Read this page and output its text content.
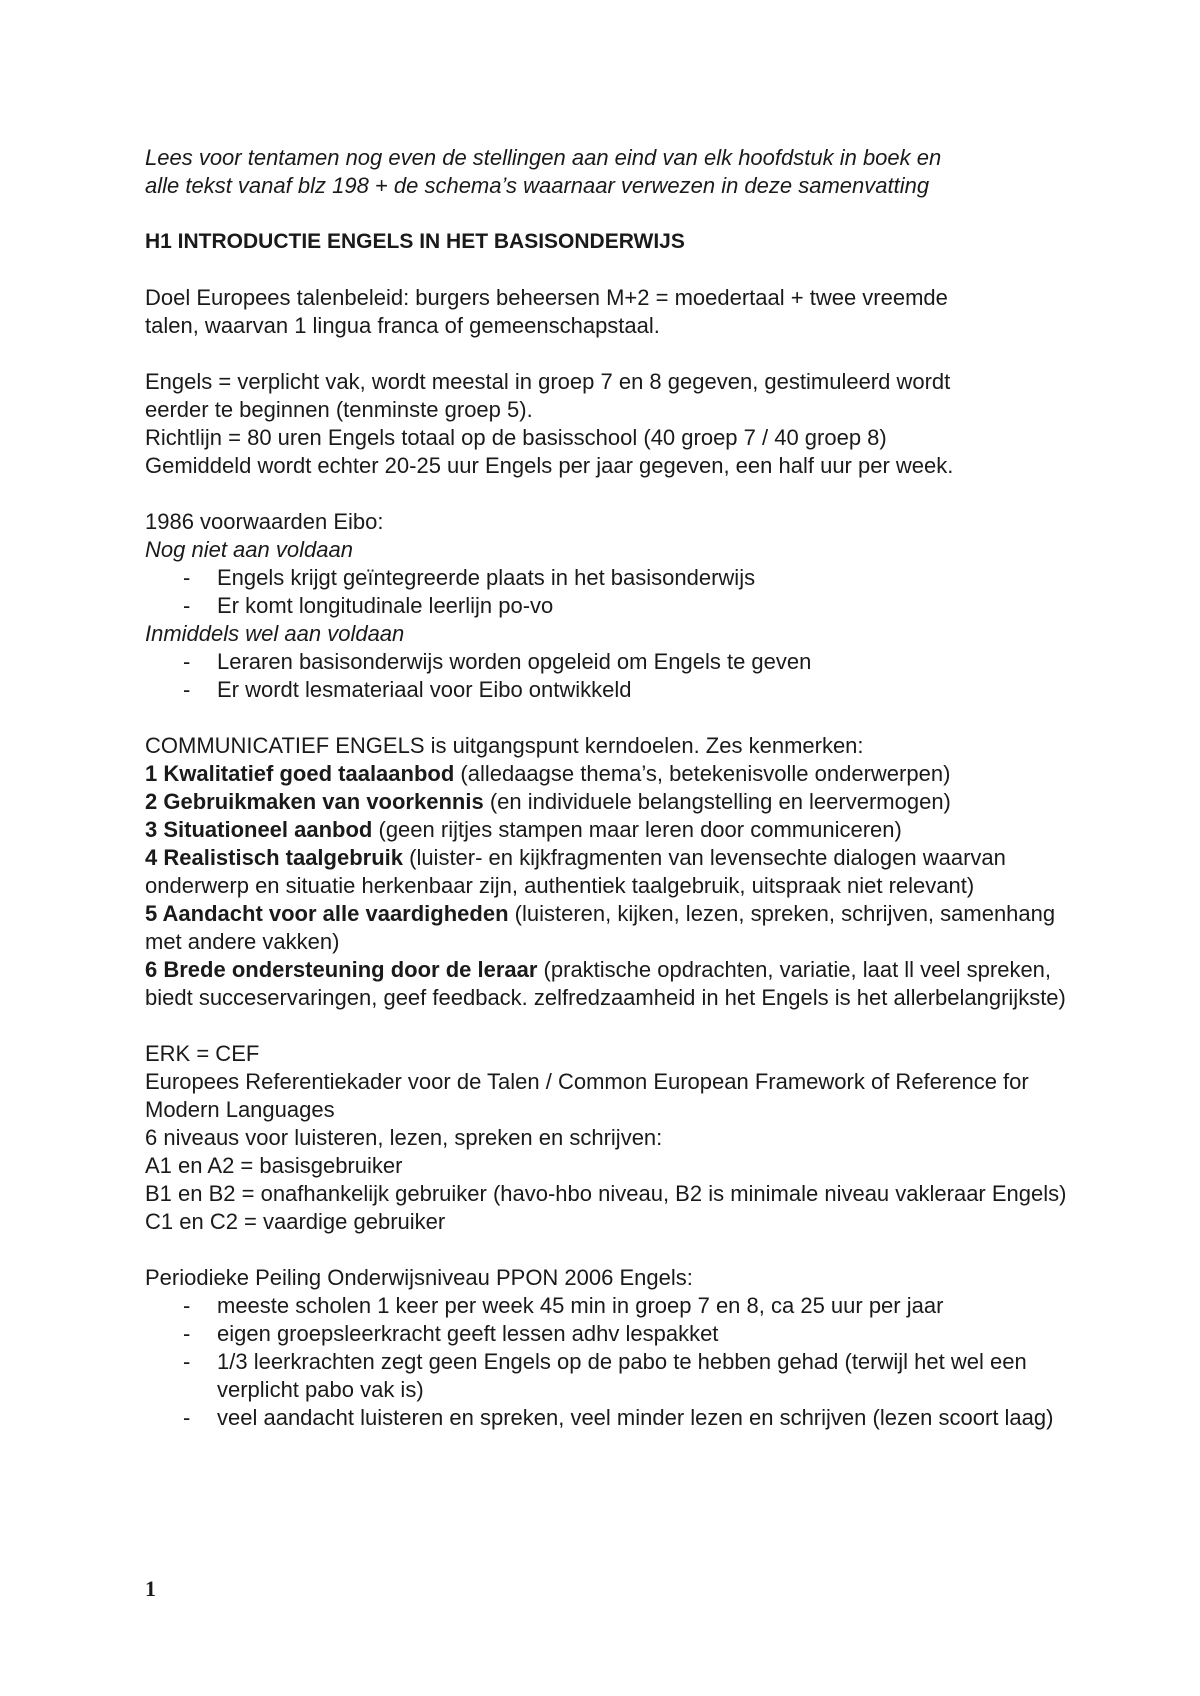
Lees voor tentamen nog even de stellingen aan eind van elk hoofdstuk in boek en

alle tekst vanaf blz 198 + de schema’s waarnaar verwezen in deze samenvatting

H1 INTRODUCTIE ENGELS IN HET BASISONDERWIJS

Doel Europees talenbeleid: burgers beheersen M+2 = moedertaal + twee vreemde

talen, waarvan 1 lingua franca of gemeenschapstaal.

Engels = verplicht vak, wordt meestal in groep 7 en 8 gegeven, gestimuleerd wordt

eerder te beginnen (tenminste groep 5).

Richtlijn = 80 uren Engels totaal op de basisschool (40 groep 7 / 40 groep 8)

Gemiddeld wordt echter 20-25 uur Engels per jaar gegeven, een half uur per week.

1986 voorwaarden Eibo:

Nog niet aan voldaan

- Engels krijgt geïntegreerde plaats in het basisonderwijs
- Er komt longitudinale leerlijn po-vo

Inmiddels wel aan voldaan

- Leraren basisonderwijs worden opgeleid om Engels te geven
- Er wordt lesmateriaal voor Eibo ontwikkeld

COMMUNICATIEF ENGELS is uitgangspunt kerndoelen. Zes kenmerken:

1 Kwalitatief goed taalaanbod (alledaagse thema’s, betekenisvolle onderwerpen)

2 Gebruikmaken van voorkennis (en individuele belangstelling en leervermogen)

3 Situationeel aanbod (geen rijtjes stampen maar leren door communiceren)

4 Realistisch taalgebruik (luister- en kijkfragmenten van levensechte dialogen waarvan onderwerp en situatie herkenbaar zijn, authentiek taalgebruik, uitspraak niet relevant)

5 Aandacht voor alle vaardigheden (luisteren, kijken, lezen, spreken, schrijven, samenhang met andere vakken)

6 Brede ondersteuning door de leraar (praktische opdrachten, variatie, laat ll veel spreken, biedt succeservaringen, geef feedback. zelfredzaamheid in het Engels is het allerbelangrijkste)

ERK = CEF

Europees Referentiekader voor de Talen / Common European Framework of Reference for Modern Languages

6 niveaus voor luisteren, lezen, spreken en schrijven:

A1 en A2 = basisgebruiker

B1 en B2 = onafhankelijk gebruiker (havo-hbo niveau, B2 is minimale niveau vakleraar Engels)

C1 en C2 = vaardige gebruiker

Periodieke Peiling Onderwijsniveau PPON 2006 Engels:

- meeste scholen 1 keer per week 45 min in groep 7 en 8, ca 25 uur per jaar
- eigen groepsleerkracht geeft lessen adhv lespakket
- 1/3 leerkrachten zegt geen Engels op de pabo te hebben gehad (terwijl het wel een verplicht pabo vak is)
- veel aandacht luisteren en spreken, veel minder lezen en schrijven (lezen scoort laag)
1
